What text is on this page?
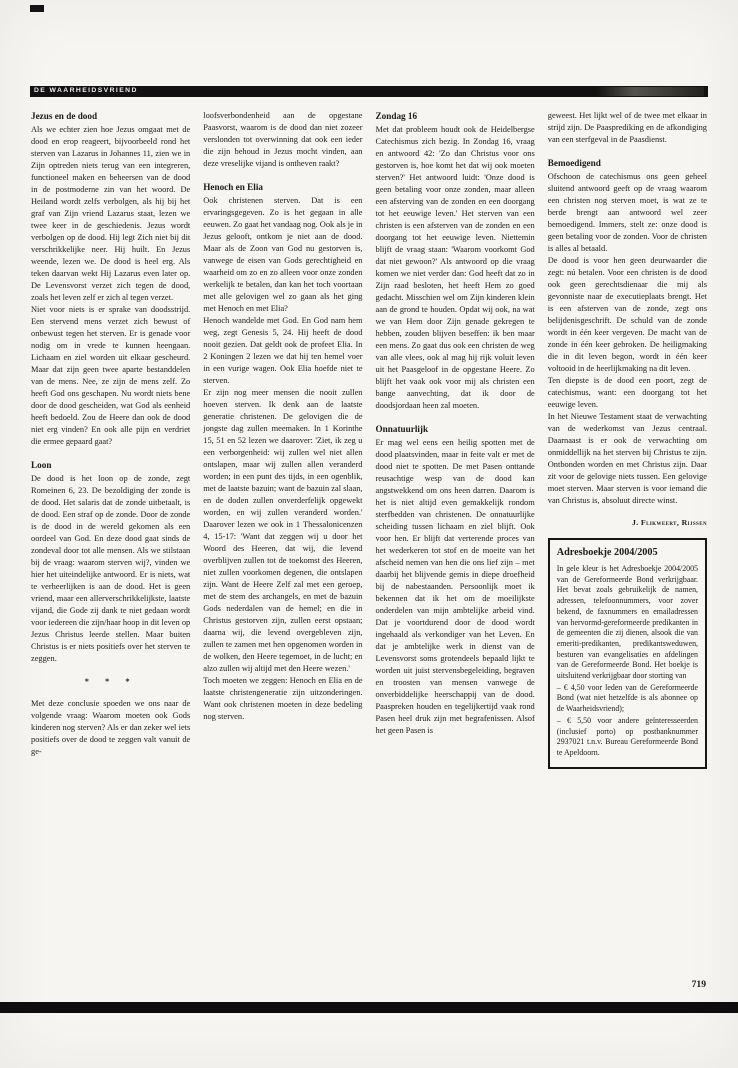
DE WAARHEIDSVRIEND
Jezus en de dood
Als we echter zien hoe Jezus omgaat met de dood en erop reageert, bijvoorbeeld rond het sterven van Lazarus in Johannes 11, zien we in Zijn optreden niets terug van een integreren, functioneel maken en beheersen van de dood in de postmoderne zin van het woord. De Heiland wordt zelfs verbolgen, als hij bij het graf van Zijn vriend Lazarus staat, lezen we twee keer in de geschiedenis. Jezus wordt verbolgen op de dood. Hij legt Zich niet bij dit verschrikkelijke neer. Hij huilt. En Jezus weende, lezen we. De dood is heel erg. Als teken daarvan wekt Hij Lazarus even later op. De Levensvorst verzet zich tegen de dood, zoals het leven zelf er zich al tegen verzet.
Niet voor niets is er sprake van doodsstrijd. Een stervend mens verzet zich bewust of onbewust tegen het sterven. Er is genade voor nodig om in vrede te kunnen heengaan. Lichaam en ziel worden uit elkaar gescheurd. Maar dat zijn geen twee aparte bestanddelen van de mens. Nee, ze zijn de mens zelf. Zo heeft God ons geschapen. Nu wordt niets bene door de dood gescheiden, wat God als eenheid heeft bedoeld. Zou de Heere dan ook de dood niet erg vinden? En ook alle pijn en verdriet die ermee gepaard gaat?
Loon
De dood is het loon op de zonde, zegt Romeinen 6, 23. De bezoldiging der zonde is de dood. Het salaris dat de zonde uitbetaalt, is de dood. Een straf op de zonde. Door de zonde is de dood in de wereld gekomen als een oordeel van God. En deze dood gaat sinds de zondeval door tot alle mensen. Als we stilstaan bij de vraag: waarom sterven wij?, vinden we hier het uiteindelijke antwoord. Er is niets, wat te verheerlijken is aan de dood. Het is geen vriend, maar een allerverschrikkelijkste, laatste vijand, die Gode zij dank te niet gedaan wordt voor iedereen die zijn/haar hoop in dit leven op Jezus Christus leerde stellen. Maar buiten Christus is er niets positiefs over het sterven te zeggen.
* * *
Met deze conclusie spoeden we ons naar de volgende vraag: Waarom moeten ook Gods kinderen nog sterven? Als er dan zeker wel iets positiefs over de dood te zeggen valt vanuit de ge-
loofsverbondenheid aan de opgestane Paasvorst, waarom is de dood dan niet zozeer verslonden tot overwinning dat ook een ieder die zijn behoud in Jezus mocht vinden, aan deze vreselijke vijand is ontheven raakt?
Henoch en Elia
Ook christenen sterven. Dat is een ervaringsgegeven. Zo is het gegaan in alle eeuwen. Zo gaat het vandaag nog. Ook als je in Jezus gelooft, ontkom je niet aan de dood. Maar als de Zoon van God nu gestorven is, vanwege de eisen van Gods gerechtigheid en waarheid om zo en zo alleen voor onze zonden werkelijk te betalen, dan kan het toch voortaan met alle gelovigen wel zo gaan als het ging met Henoch en met Elia?
Henoch wandelde met God. En God nam hem weg, zegt Genesis 5, 24. Hij heeft de dood nooit gezien. Dat geldt ook de profeet Elia. In 2 Koningen 2 lezen we dat hij ten hemel voer in een vurige wagen. Ook Elia hoefde niet te sterven.
Er zijn nog meer mensen die nooit zullen hoeven sterven. Ik denk aan de laatste generatie christenen. De gelovigen die de jongste dag zullen meemaken. In 1 Korinthe 15, 51 en 52 lezen we daarover: 'Ziet, ik zeg u een verborgenheid: wij zullen wel niet allen ontslapen, maar wij zullen allen veranderd worden; in een punt des tijds, in een ogenblik, met de laatste bazuin; want de bazuin zal slaan, en de doden zullen onverderfelijk opgewekt worden, en wij zullen veranderd worden.' Daarover lezen we ook in 1 Thessalonicenzen 4, 15-17: 'Want dat zeggen wij u door het Woord des Heeren, dat wij, die levend overblijven zullen tot de toekomst des Heeren, niet zullen voorkomen degenen, die ontslapen zijn. Want de Heere Zelf zal met een geroep, met de stem des archangels, en met de bazuin Gods nederdalen van de hemel; en die in Christus gestorven zijn, zullen eerst opstaan; daarna wij, die levend overgebleven zijn, zullen te zamen met hen opgenomen worden in de wolken, den Heere tegemoet, in de lucht; en alzo zullen wij altijd met den Heere wezen.'
Toch moeten we zeggen: Henoch en Elia en de laatste christengeneratie zijn uitzonderingen. Want ook christenen moeten in deze bedeling nog sterven.
Zondag 16
Met dat probleem houdt ook de Heidelbergse Catechismus zich bezig. In Zondag 16, vraag en antwoord 42: 'Zo dan Christus voor ons gestorven is, hoe komt het dat wij ook moeten sterven?' Het antwoord luidt: 'Onze dood is geen betaling voor onze zonden, maar alleen een afsterving van de zonden en een doorgang tot het eeuwige leven.' Het sterven van een christen is een afsterven van de zonden en een doorgang tot het eeuwige leven. Niettemin blijft de vraag staan: 'Waarom voorkomt God dat niet gewoon?' Als antwoord op die vraag komen we niet verder dan: God heeft dat zo in Zijn raad besloten, het heeft Hem zo goed gedacht. Misschien wel om Zijn kinderen klein aan de grond te houden. Opdat wij ook, na wat we van Hem door Zijn genade gekregen te hebben, zouden blijven beseffen: ik ben maar een mens. Zo gaat dus ook een christen de weg van alle vlees, ook al mag hij rijk voluit leven uit het Paasgeloof in de opgestane Heere. Zo blijft het vaak ook voor mij als christen een bange aanvechting, dat ik door de doodsjordaan heen zal moeten.
Onnatuurlijk
Er mag wel eens een heilig spotten met de dood plaatsvinden, maar in feite valt er met de dood niet te spotten. De met Pasen onttande reusachtige wesp van de dood kan angstwekkend om ons heen darren. Daarom is het is niet altijd even gemakkelijk rondom sterfbedden van christenen. De onnatuurlijke scheiding tussen lichaam en ziel blijft. Ook voor hen. Er blijft dat verterende proces van het wederkeren tot stof en de moeite van het afscheid nemen van hen die ons lief zijn – met daarbij het blijvende gemis in diepe droefheid bij de nabestaanden. Persoonlijk moet ik bekennen dat ik het om de moeilijkste onderdelen van mijn ambtelijke arbeid vind. Dat je voortdurend door de dood wordt ingehaald als verkondiger van het Leven. En dat je ambtelijke werk in dienst van de Levensvorst soms grotendeels bepaald lijkt te worden uit juist stervensbegeleiding, begraven en troosten van mensen vanwege de onverbiddelijke heerschappij van de dood. Paaspreken houden en tegelijkertijd vaak rond Pasen heel druk zijn met begrafenissen. Alsof het geen Pasen is
geweest. Het lijkt wel of de twee met elkaar in strijd zijn. De Paasprediking en de afkondiging van een sterfgeval in de Paasdienst.
Bemoedigend
Ofschoon de catechismus ons geen geheel sluitend antwoord geeft op de vraag waarom een christen nog sterven moet, is wat ze te berde brengt aan antwoord wel zeer bemoedigend. Immers, stelt ze: onze dood is geen betaling voor de zonden. Voor de christen is alles al betaald.
De dood is voor hen geen deurwaarder die zegt: nú betalen. Voor een christen is de dood ook geen gerechtsdienaar die mij als gevonniste naar de executieplaats brengt. Het is een afsterven van de zonde, zegt ons belijdenisgeschrift. De schuld van de zonde wordt in één keer vergeven. De macht van de zonde in één keer gebroken. De heiligmaking die in dit leven begon, wordt in één keer voltooid in de heerlijkmaking na dit leven.
Ten diepste is de dood een poort, zegt de catechismus, want: een doorgang tot het eeuwige leven.
In het Nieuwe Testament staat de verwachting van de wederkomst van Jezus centraal. Daarnaast is er ook de verwachting om onmiddellijk na het sterven bij Christus te zijn. Ontbonden worden en met Christus zijn. Daar zit voor de gelovige niets tussen. Een gelovige moet sterven. Maar sterven is voor iemand die van Christus is, absoluut directe winst.
J. Flikweert, Rijssen
Adresboekje 2004/2005

In gele kleur is het Adresboekje 2004/2005 van de Gereformeerde Bond verkrijgbaar. Het bevat zoals gebruikelijk de namen, adressen, telefoonnummers, voor zover bekend, de faxnummers en emailadressen van hervormd-gereformeerde predikanten in de gemeenten die zij dienen, alsook die van emeriti-predikanten, predikantsweduwen, besturen van evangelisaties en afdelingen van de Gereformeerde Bond. Het boekje is uitsluitend verkrijgbaar door storting van

– € 4,50 voor leden van de Gereformeerde Bond (wat niet hetzelfde is als abonnee op de Waarheidsvriend);

– € 5,50 voor andere geïnteresseerden (inclusief porto) op postbanknummer 2937021 t.n.v. Bureau Gereformeerde Bond te Apeldoorn.

719
